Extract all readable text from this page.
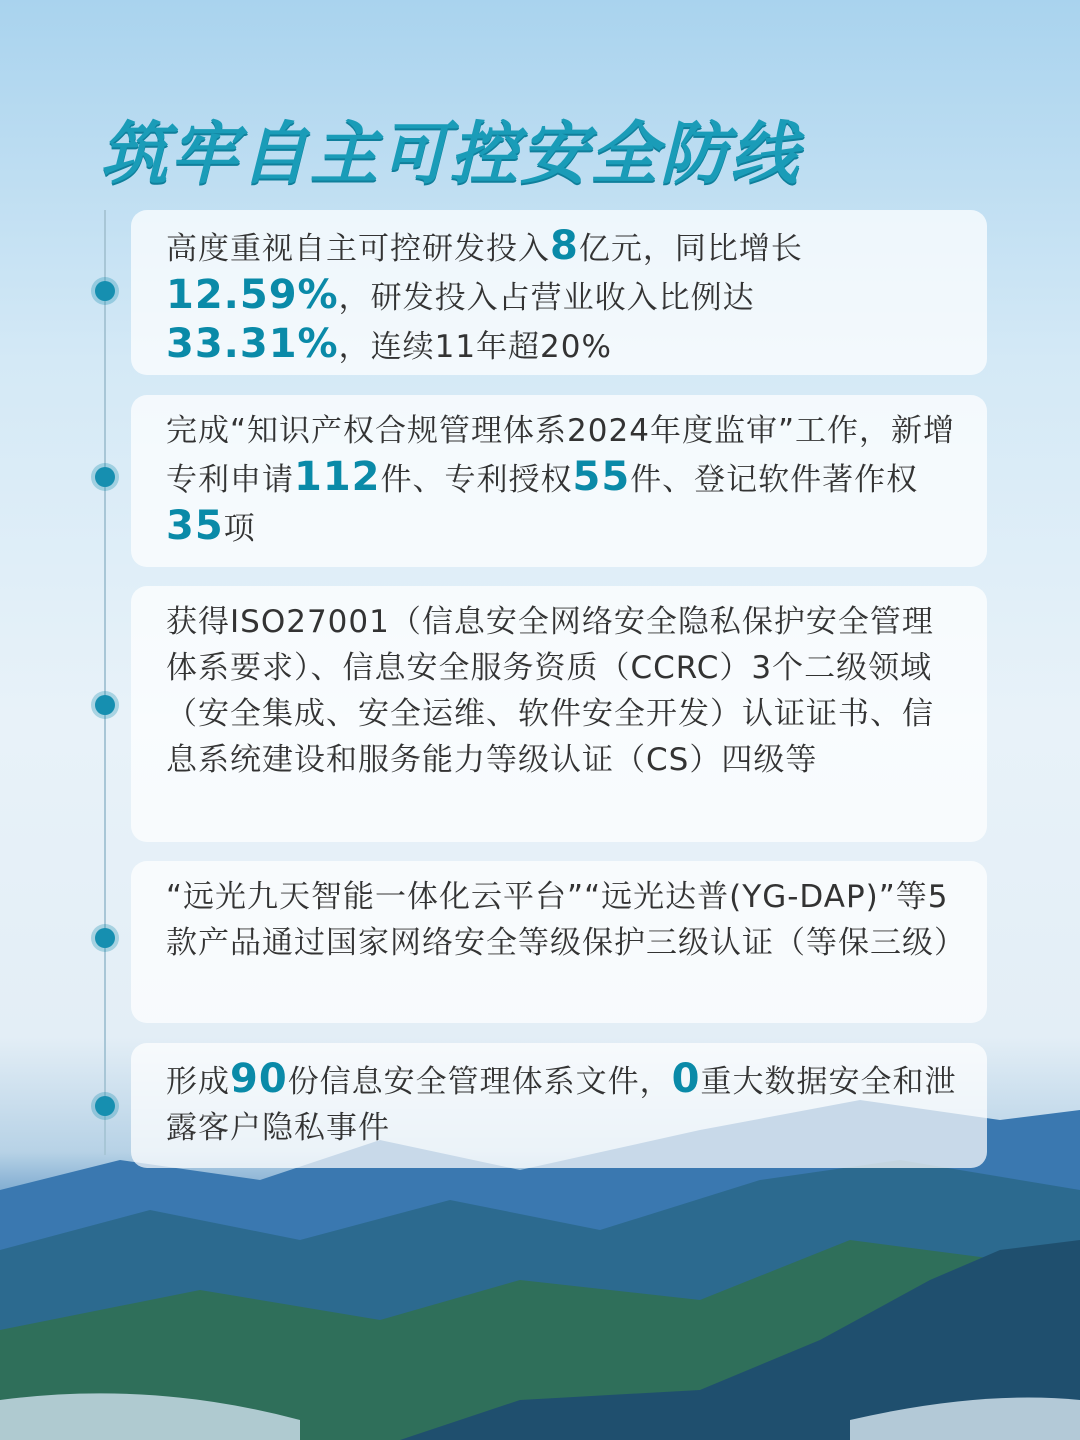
筑牢自主可控安全防线
高度重视自主可控研发投入8亿元，同比增长12.59%，研发投入占营业收入比例达33.31%，连续11年超20%
完成“知识产权合规管理体系2024年度监审”工作，新增专利申请112件、专利授权55件、登记软件著作权35项
获得ISO27001（信息安全网络安全隐私保护安全管理体系要求）、信息安全服务资质（CCRC）3个二级领域（安全集成、安全运维、软件安全开发）认证证书、信息系统建设和服务能力等级认证（CS）四级等
“远光九天智能一体化云平台”“远光达普(YG-DAP)”等5款产品通过国家网络安全等级保护三级认证（等保三级）
形成90份信息安全管理体系文件，0重大数据安全和泄露客户隐私事件
